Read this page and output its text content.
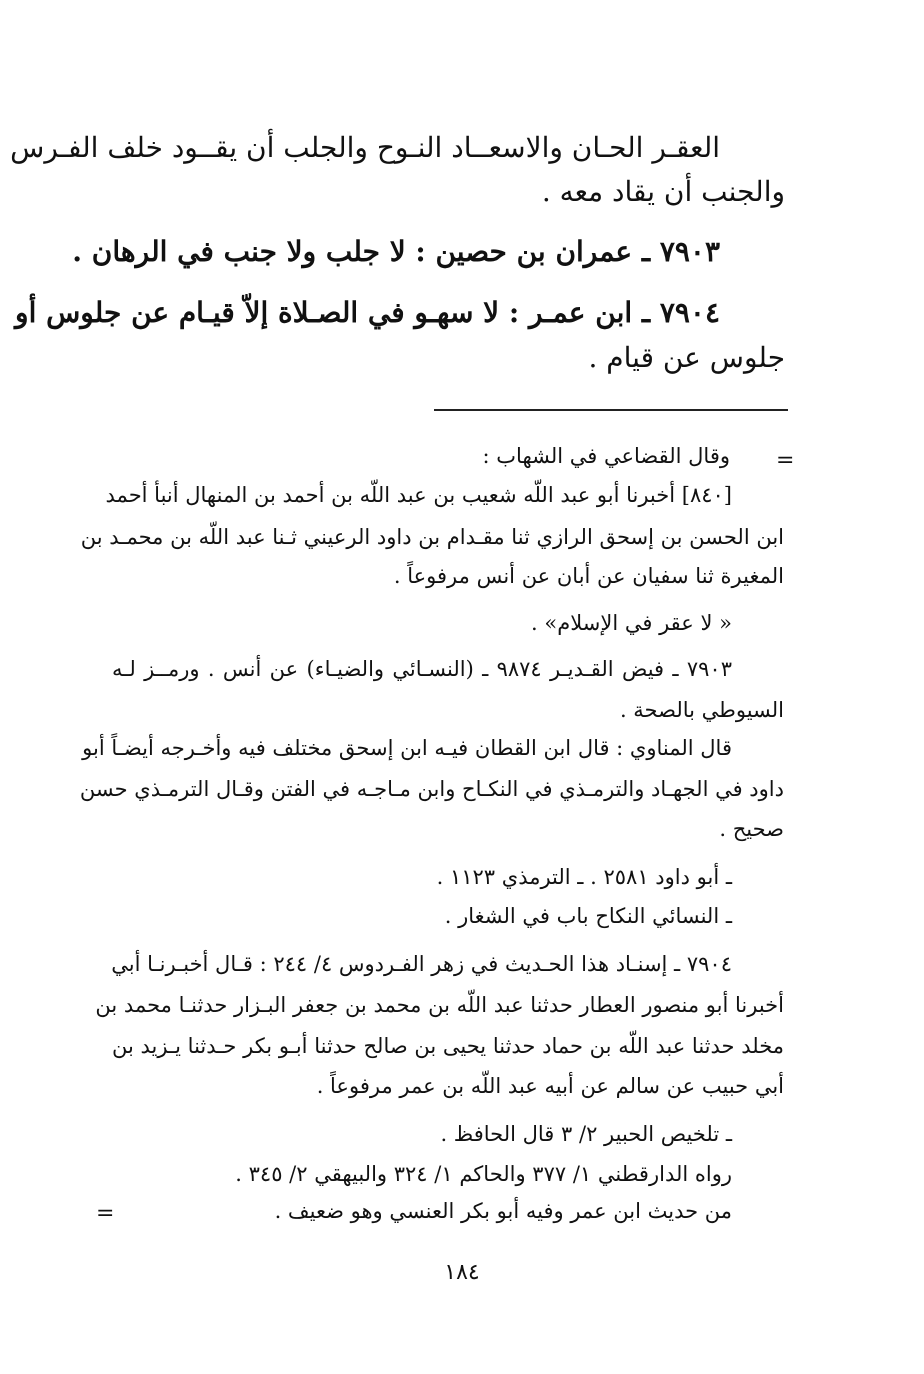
العقـر الحـان والاسعــاد النـوح والجلب أن يقــود خلف الفـرس

والجنب أن يقاد معه .

٧٩٠٣ ـ عمران بن حصين : لا جلب ولا جنب في الرهان .

٧٩٠٤ ـ ابن عمـر : لا سهـو في الصـلاة إلاّ قيـام عن جلوس أو

جلوس عن قيام .

=

وقال القضاعي في الشهاب :

[٨٤٠] أخبرنا أبو عبد اللّه شعيب بن عبد اللّه بن أحمد بن المنهال أنبأ أحمد

ابن الحسن بن إسحق الرازي ثنا مقـدام بن داود الرعيني ثـنا عبد اللّه بن محمـد بن

المغيرة ثنا سفيان عن أبان عن أنس مرفوعاً .

« لا عقر في الإسلام» .

٧٩٠٣ ـ فيض القـديـر ٩٨٧٤ ـ (النسـائي والضيـاء) عن أنس . ورمــز لـه

السيوطي بالصحة .

قال المناوي : قال ابن القطان فيـه ابن إسحق مختلف فيه وأخـرجه أيضـاً أبو

داود في الجهـاد والترمـذي في النكـاح وابن مـاجـه في الفتن وقـال الترمـذي حسن

صحيح .

ـ أبو داود ٢٥٨١ . ـ الترمذي ١١٢٣ .

ـ النسائي النكاح باب في الشغار .

٧٩٠٤ ـ إسنـاد هذا الحـديث في زهر الفـردوس ٤/ ٢٤٤ : قـال أخبـرنـا أبي

أخبرنا أبو منصور العطار حدثنا عبد اللّه بن محمد بن جعفر البـزار حدثنـا محمد بن

مخلد حدثنا عبد اللّه بن حماد حدثنا يحيى بن صالح حدثنا أبـو بكر حـدثنا يـزيد بن

أبي حبيب عن سالم عن أبيه عبد اللّه بن عمر مرفوعاً .

ـ تلخيص الحبير ٢/ ٣ قال الحافظ .

رواه الدارقطني ١/ ٣٧٧ والحاكم ١/ ٣٢٤ والبيهقي ٢/ ٣٤٥ .

من حديث ابن عمر وفيه أبو بكر العنسي وهو ضعيف .

=
١٨٤
